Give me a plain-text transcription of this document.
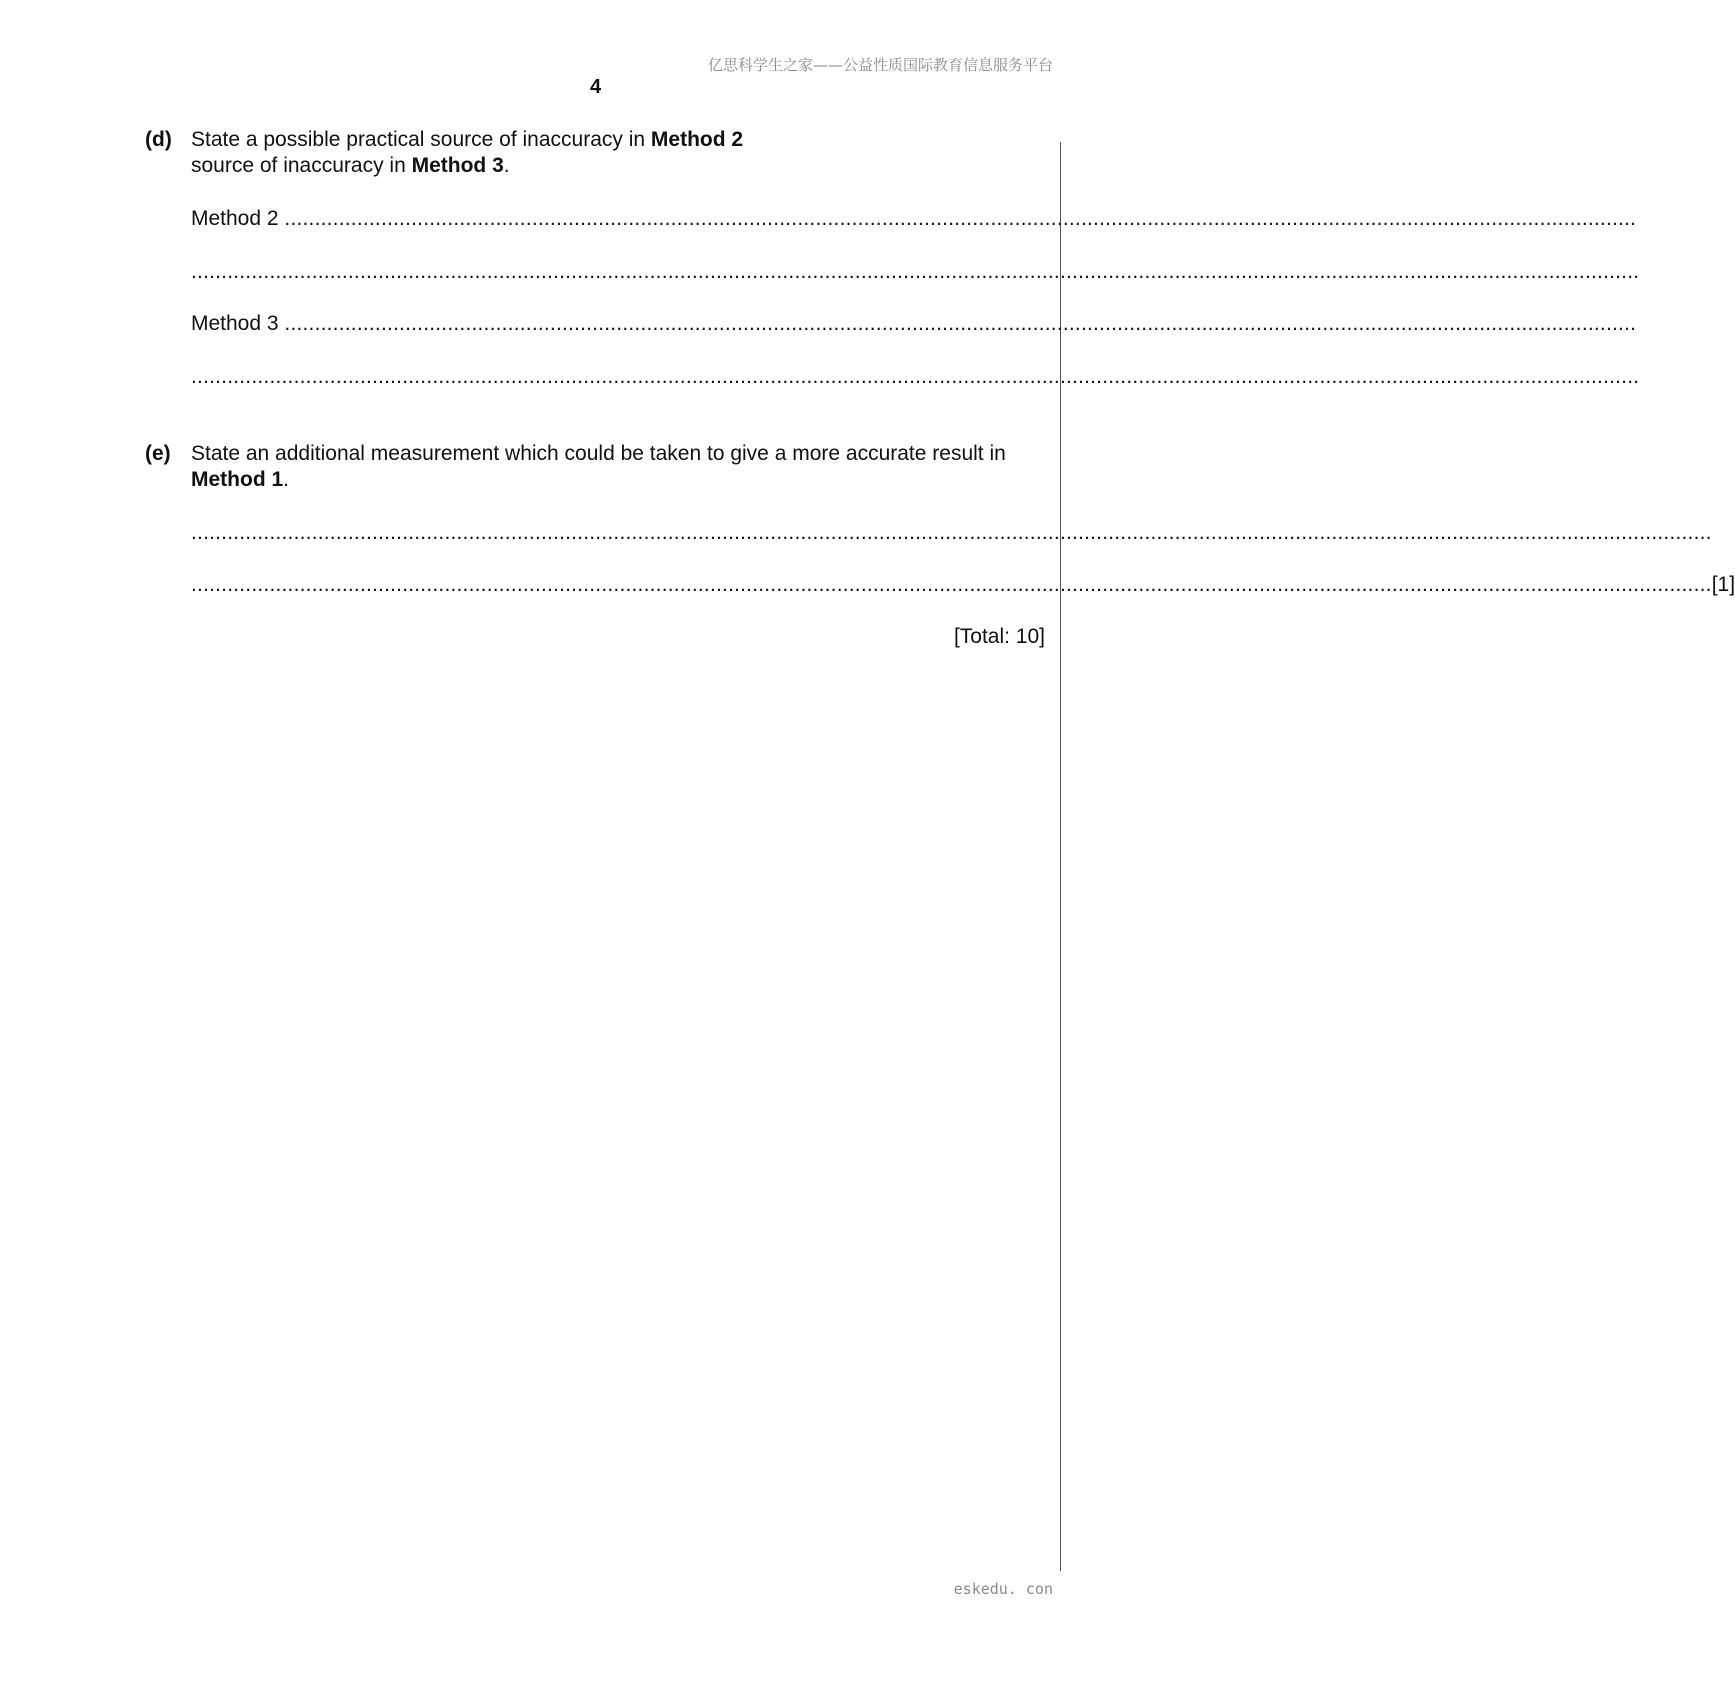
亿思科学生之家——公益性质国际教育信息服务平台
4
(d) State a possible practical source of inaccuracy in Method 2
source of inaccuracy in Method 3.
Method 2 ................................................................................................................................................................................................................................
................................................................................................................................................................................................................................................
Method 3 ................................................................................................................................................................................................................................
................................................................................................................................................................................................................................................
(e) State an additional measurement which could be taken to give a more accurate result in Method 1.
............................................................................................................................................................................................................................................................
............................................................................................................................................................................................................................................................ [1]
[Total: 10]
eskedu. con
